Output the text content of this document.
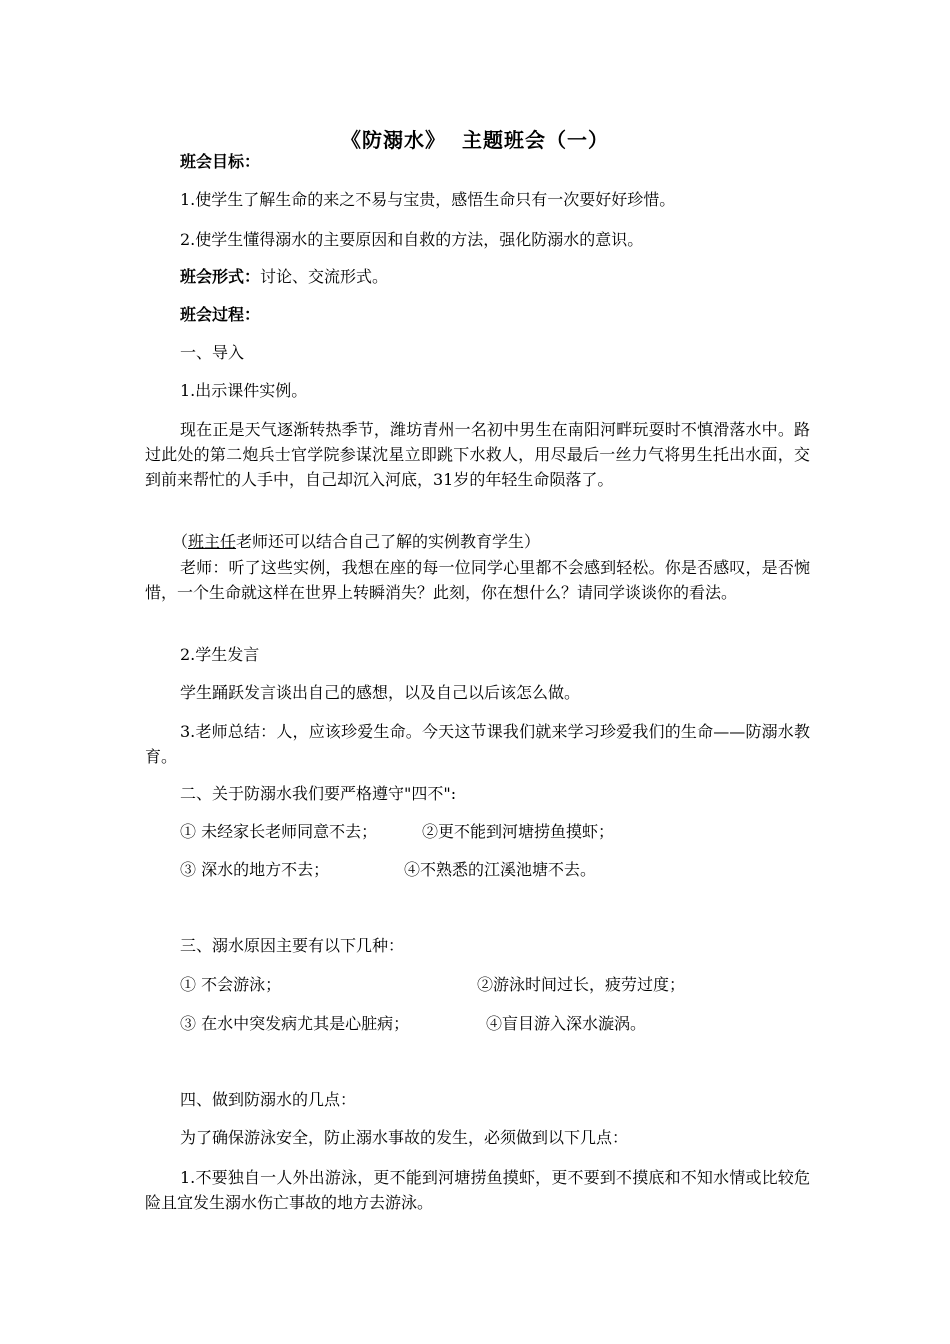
《防溺水》 主题班会（一）
班会目标：
1.使学生了解生命的来之不易与宝贵，感悟生命只有一次要好好珍惜。
2.使学生懂得溺水的主要原因和自救的方法，强化防溺水的意识。
班会形式：讨论、交流形式。
班会过程：
一、导入
1.出示课件实例。
现在正是天气逐渐转热季节，潍坊青州一名初中男生在南阳河畔玩耍时不慎滑落水中。路过此处的第二炮兵士官学院参谋沈星立即跳下水救人，用尽最后一丝力气将男生托出水面，交到前来帮忙的人手中，自己却沉入河底，31岁的年轻生命陨落了。
（班主任老师还可以结合自己了解的实例教育学生）
老师：听了这些实例，我想在座的每一位同学心里都不会感到轻松。你是否感叹，是否惋惜，一个生命就这样在世界上转瞬消失？此刻，你在想什么？请同学谈谈你的看法。
2.学生发言
学生踊跃发言谈出自己的感想，以及自己以后该怎么做。
3.老师总结：人，应该珍爱生命。今天这节课我们就来学习珍爱我们的生命——防溺水教育。
二、关于防溺水我们要严格遵守"四不":
① 未经家长老师同意不去；	②更不能到河塘捞鱼摸虾；
③ 深水的地方不去；	④不熟悉的江溪池塘不去。
三、溺水原因主要有以下几种：
① 不会游泳；	②游泳时间过长，疲劳过度；
③ 在水中突发病尤其是心脏病；	④盲目游入深水漩涡。
四、做到防溺水的几点：
为了确保游泳安全，防止溺水事故的发生，必须做到以下几点：
1.不要独自一人外出游泳，更不能到河塘捞鱼摸虾，更不要到不摸底和不知水情或比较危险且宜发生溺水伤亡事故的地方去游泳。
